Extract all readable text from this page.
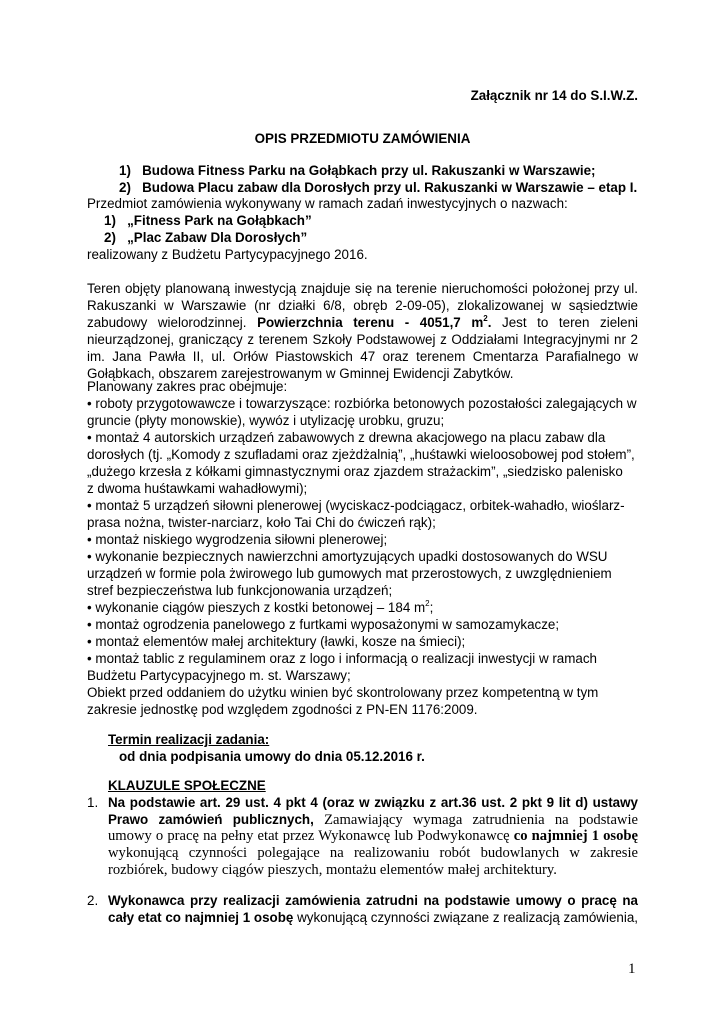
Załącznik nr 14 do S.I.W.Z.
OPIS PRZEDMIOTU ZAMÓWIENIA
1) Budowa Fitness Parku na Gołąbkach przy ul. Rakuszanki w Warszawie;
2) Budowa Placu zabaw dla Dorosłych przy ul. Rakuszanki w Warszawie – etap I.
Przedmiot zamówienia wykonywany w ramach zadań inwestycyjnych o nazwach:
1) „Fitness Park na Gołąbkach”
2) „Plac Zabaw Dla Dorosłych”
realizowany z Budżetu Partycypacyjnego 2016.
Teren objęty planowaną inwestycją znajduje się na terenie nieruchomości położonej przy ul.
Rakuszanki w Warszawie (nr działki 6/8, obręb 2-09-05), zlokalizowanej w sąsiedztwie
zabudowy wielorodzinnej. Powierzchnia terenu - 4051,7 $m^2$. Jest to teren zieleni
nieurządzonej, graniczący z terenem Szkoły Podstawowej z Oddziałami Integracyjnymi nr 2
im. Jana Pawła II, ul. Orłów Piastowskich 47 oraz terenem Cmentarza Parafialnego w
Gołąbkach, obszarem zarejestrowanym w Gminnej Ewidencji Zabytków.
Planowany zakres prac obejmuje:
• roboty przygotowawcze i towarzyszące: rozbiórka betonowych pozostałości zalegających w
gruncie (płyty monowskie), wywóz i utylizację urobku, gruzu;
• montaż 4 autorskich urządzeń zabawowych z drewna akacjowego na placu zabaw dla
dorosłych (tj. „Komody z szufladami oraz zjeżdżalnią”, „huśtawki wieloosobowej pod stołem”,
„dużego krzesła z kółkami gimnastycznymi oraz zjazdem strażackim”, „siedzisko palenisko
z dwoma huśtawkami wahadłowymi);
• montaż 5 urządzeń siłowni plenerowej (wyciskacz-podciągacz, orbitek-wahadło, wioślarz-
prasa nożna, twister-narciarz, koło Tai Chi do ćwiczeń rąk);
• montaż niskiego wygrodzenia siłowni plenerowej;
• wykonanie bezpiecznych nawierzchni amortyzujących upadki dostosowanych do WSU
urządzeń w formie pola żwirowego lub gumowych mat przerostowych, z uwzględnieniem
stref bezpieczeństwa lub funkcjonowania urządzeń;
• wykonanie ciągów pieszych z kostki betonowej – 184 $m^2$;
• montaż ogrodzenia panelowego z furtkami wyposażonymi w samozamykacze;
• montaż elementów małej architektury (ławki, kosze na śmieci);
• montaż tablic z regulaminem oraz z logo i informacją o realizacji inwestycji w ramach
Budżetu Partycypacyjnego m. st. Warszawy;
Obiekt przed oddaniem do użytku winien być skontrolowany przez kompetentną w tym
zakresie jednostkę pod względem zgodności z PN-EN 1176:2009.
Termin realizacji zadania:
od dnia podpisania umowy do dnia 05.12.2016 r.
KLAUZULE SPOŁECZNE
1. Na podstawie art. 29 ust. 4 pkt 4 (oraz w związku z art.36 ust. 2 pkt 9 lit d) ustawy
Prawo zamówień publicznych, Zamawiający wymaga zatrudnienia na podstawie
umowy o pracę na pełny etat przez Wykonawcę lub Podwykonawcę co najmniej 1 osobę
wykonującą czynności polegające na realizowaniu robót budowlanych w zakresie
rozbiórek, budowy ciągów pieszych, montażu elementów małej architektury.
2. Wykonawca przy realizacji zamówienia zatrudni na podstawie umowy o pracę na
cały etat co najmniej 1 osobę wykonującą czynności związane z realizacją zamówienia,
1
